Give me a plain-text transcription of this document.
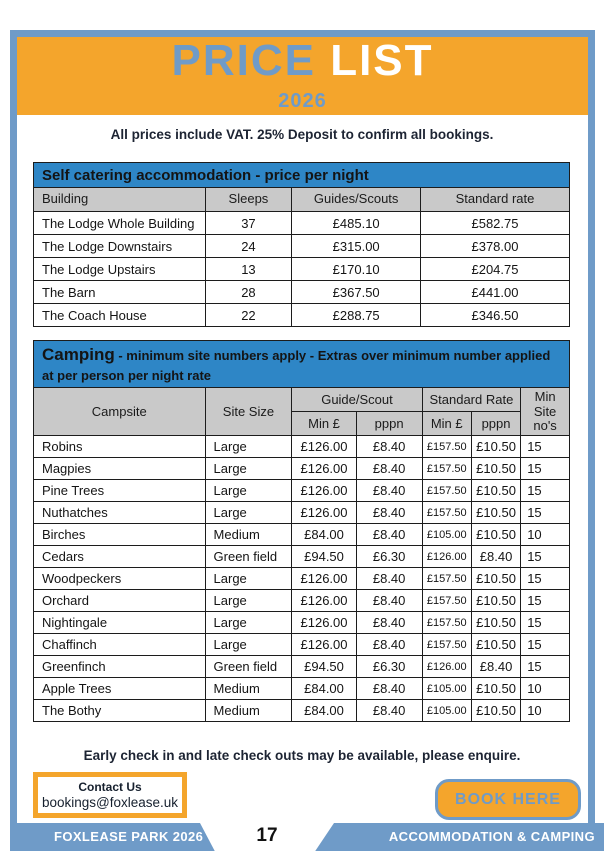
PRICE LIST
2026
All prices include VAT. 25% Deposit to confirm all bookings.
Self catering accommodation - price per night			
Building	Sleeps	Guides/Scouts	Standard rate
The Lodge Whole Building	37	£485.10	£582.75
The Lodge Downstairs	24	£315.00	£378.00
The Lodge Upstairs	13	£170.10	£204.75
The Barn	28	£367.50	£441.00
The Coach House	22	£288.75	£346.50
Camping - minimum site numbers apply - Extras over minimum number applied
at per person per night rate						

Campsite	Site Size	Guide/Scout		Standard Rate		Min Site no's
		Min £	pppn	Min £	pppn	
Robins	Large	£126.00	£8.40	£157.50	£10.50	15
Magpies	Large	£126.00	£8.40	£157.50	£10.50	15
Pine Trees	Large	£126.00	£8.40	£157.50	£10.50	15
Nuthatches	Large	£126.00	£8.40	£157.50	£10.50	15
Birches	Medium	£84.00	£8.40	£105.00	£10.50	10
Cedars	Green field	£94.50	£6.30	£126.00	£8.40	15
Woodpeckers	Large	£126.00	£8.40	£157.50	£10.50	15
Orchard	Large	£126.00	£8.40	£157.50	£10.50	15
Nightingale	Large	£126.00	£8.40	£157.50	£10.50	15
Chaffinch	Large	£126.00	£8.40	£157.50	£10.50	15
Greenfinch	Green field	£94.50	£6.30	£126.00	£8.40	15
Apple Trees	Medium	£84.00	£8.40	£105.00	£10.50	10
The Bothy	Medium	£84.00	£8.40	£105.00	£10.50	10
Early check in and late check outs may be available, please enquire.
Contact Us
bookings@foxlease.uk	BOOK HERE
17
FOXLEASE PARK 2026	ACCOMMODATION & CAMPING
